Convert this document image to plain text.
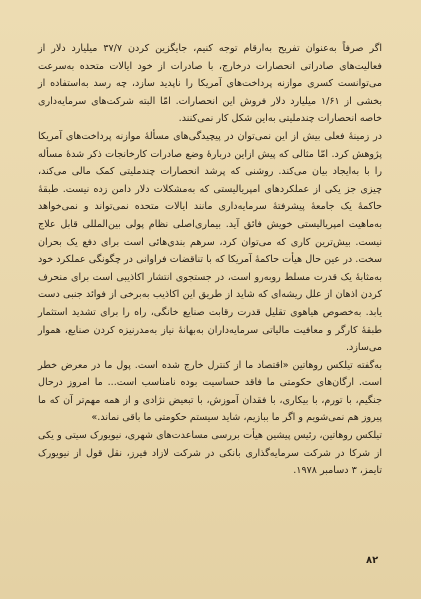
اگر صرفاً به‌عنوان تفریح به‌ارقام توجه کنیم، جایگزین کردن ۳۷/۷ میلیارد دلار از فعالیت‌های صادراتی انحصارات درخارج، با صادرات از خود ایالات متحده به‌سرعت می‌توانست کسری موازنه پرداخت‌های آمریکا را ناپدید سازد، چه رسد به‌استفاده از بخشی از ۱/۶۱ میلیارد دلار فروش این انحصارات. امّا البته شرکت‌های سرمایه‌داری خاصه انحصارات چندملیتی به‌این شکل کار نمی‌کنند.

در زمینهٔ فعلی بیش از این نمی‌توان در پیچیدگی‌های مسألهٔ موازنه پرداخت‌های آمریکا پژوهش کرد. امّا مثالی که پیش ازاین دربارهٔ وضع صادرات کارخانجات ذکر شدهٔ مسأله را با به‌ایجاد بیان می‌کند. روشنی که پرشد انحصارات چندملیتی کمک مالی می‌کند، چیزی جز یکی از عملکردهای امپریالیستی که به‌مشکلات دلار دامن زده نیست. طبقهٔ حاکمهٔ یک جامعهٔ پیشرفتهٔ سرمایه‌داری مانند ایالات متحده نمی‌تواند و نمی‌خواهد به‌ماهیت امپریالیستی خویش فائق آید. بیماری‌اصلی نظام پولی بین‌المللی قابل علاج نیست. بیش‌ترین کاری که می‌توان کرد، سرهم بندی‌هائی است برای دفع یک بحران سخت. در عین حال هیأت حاکمهٔ آمریکا که با تناقضات فراوانی در چگونگی عملکرد خود به‌مثابهٔ یک قدرت مسلط روبه‌رو است، در جستجوی انتشار اکاذیبی است برای منحرف کردن اذهان از علل ریشه‌ای که شاید از طریق این اکاذیب به‌برخی از فوائد جنبی دست یابد. به‌خصوص هیاهوی تقلیل قدرت رقابت صنایع خانگی، راه را برای تشدید استثمار طبقهٔ کارگر و معافیت مالیاتی سرمایه‌داران به‌بهانهٔ نیاز به‌مدرنیزه کردن صنایع، هموار می‌سازد.

به‌گفته تیلکس روهاتین «اقتصاد ما از کنترل خارج شده است. پول ما در معرض خطر است. ارگان‌های حکومتی ما فاقد حساسیت بوده نامناسب است... ما امروز درحال جنگیم، با تورم، با بیکاری، با فقدان آموزش، با تبعیض نژادی و از همه مهم‌تر آن که ما پیروز هم نمی‌شویم و اگر ما ببازیم، شاید سیستم حکومتی ما باقی نماند.»

تیلکس روهاتین، رئیس پیشین هیأت بررسی مساعدت‌های شهری، نیویورک سیتی و یکی از شرکا در شرکت سرمایه‌گذاری بانکی در شرکت لازاد فیرز، نقل قول از نیویورک تایمز، ۳ دسامبر ۱۹۷۸.

۸۲
